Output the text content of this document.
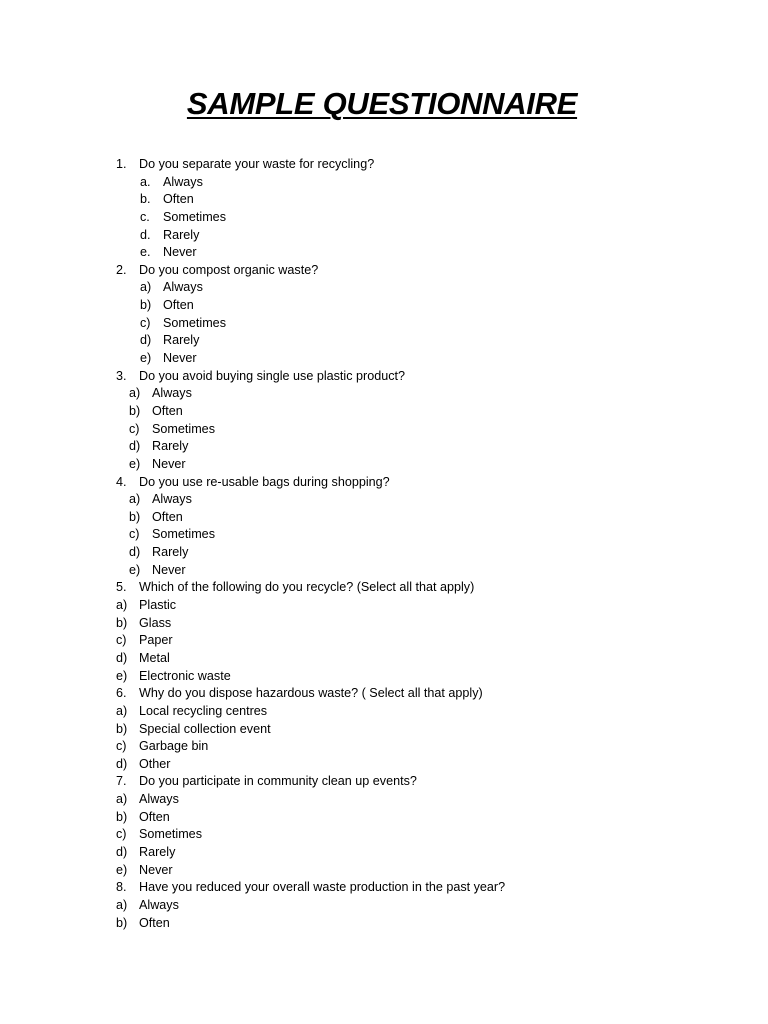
SAMPLE QUESTIONNAIRE
1. Do you separate your waste for recycling?
a. Always
b. Often
c. Sometimes
d. Rarely
e. Never
2. Do you compost organic waste?
a) Always
b) Often
c) Sometimes
d) Rarely
e) Never
3. Do you avoid buying single use plastic product?
a) Always
b) Often
c) Sometimes
d) Rarely
e) Never
4. Do you use re-usable bags during shopping?
a) Always
b) Often
c) Sometimes
d) Rarely
e) Never
5. Which of the following do you recycle? (Select all that apply)
a) Plastic
b) Glass
c) Paper
d) Metal
e) Electronic waste
6. Why do you dispose hazardous waste? ( Select all that apply)
a) Local recycling centres
b) Special collection event
c) Garbage bin
d) Other
7. Do you participate in community clean up events?
a) Always
b) Often
c) Sometimes
d) Rarely
e) Never
8. Have you reduced your overall waste production in the past year?
a) Always
b) Often
